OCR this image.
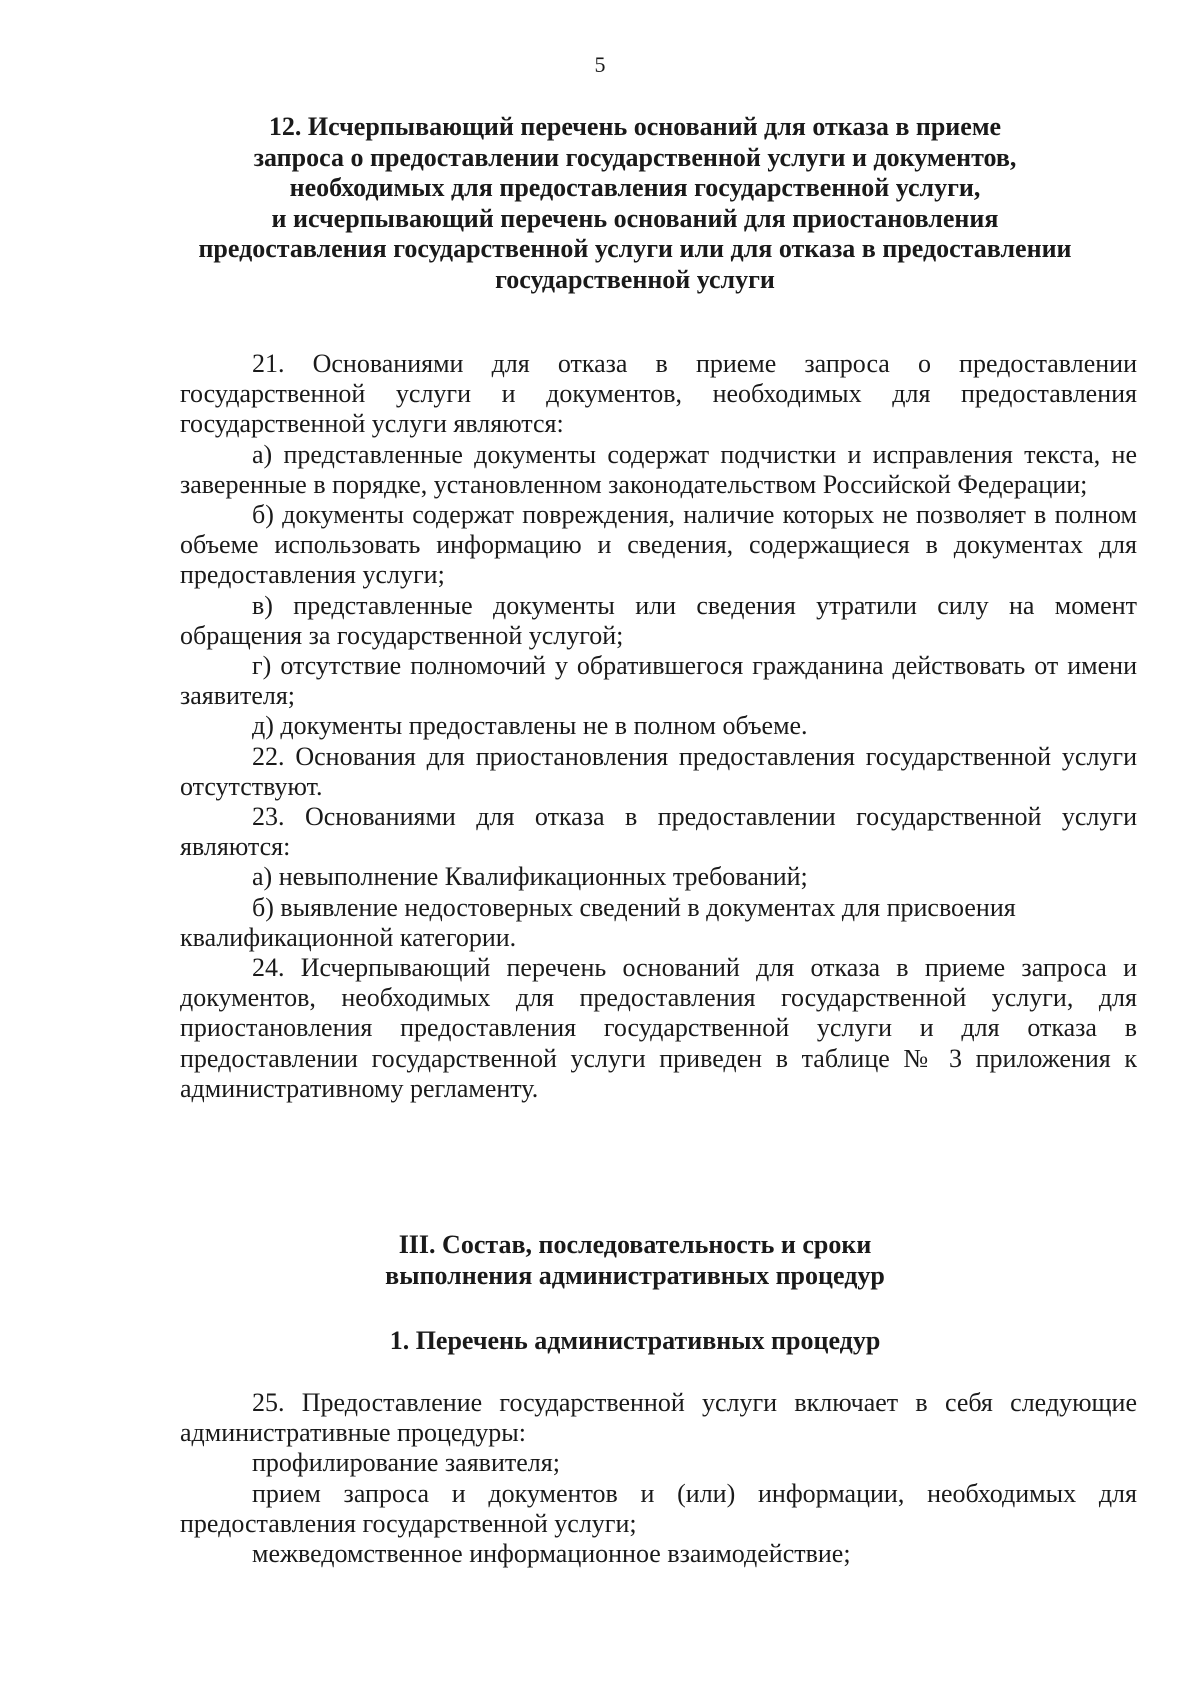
5
12. Исчерпывающий перечень оснований для отказа в приеме
запроса о предоставлении государственной услуги и документов,
необходимых для предоставления государственной услуги,
и исчерпывающий перечень оснований для приостановления
предоставления государственной услуги или для отказа в предоставлении
государственной услуги

21. Основаниями для отказа в приеме запроса о предоставлении государственной услуги и документов, необходимых для предоставления государственной услуги являются:

а) представленные документы содержат подчистки и исправления текста, не заверенные в порядке, установленном законодательством Российской Федерации;

б) документы содержат повреждения, наличие которых не позволяет в полном объеме использовать информацию и сведения, содержащиеся в документах для предоставления услуги;

в) представленные документы или сведения утратили силу на момент обращения за государственной услугой;

г) отсутствие полномочий у обратившегося гражданина действовать от имени заявителя;

д) документы предоставлены не в полном объеме.

22. Основания для приостановления предоставления государственной услуги отсутствуют.

23. Основаниями для отказа в предоставлении государственной услуги являются:

а) невыполнение Квалификационных требований;

б) выявление недостоверных сведений в документах для присвоения квалификационной категории.

24. Исчерпывающий перечень оснований для отказа в приеме запроса и документов, необходимых для предоставления государственной услуги, для приостановления предоставления государственной услуги и для отказа в предоставлении государственной услуги приведен в таблице № 3 приложения к административному регламенту.

III. Состав, последовательность и сроки
выполнения административных процедур
1. Перечень административных процедур

25. Предоставление государственной услуги включает в себя следующие административные процедуры:

профилирование заявителя;

прием запроса и документов и (или) информации, необходимых для предоставления государственной услуги;

межведомственное информационное взаимодействие;
